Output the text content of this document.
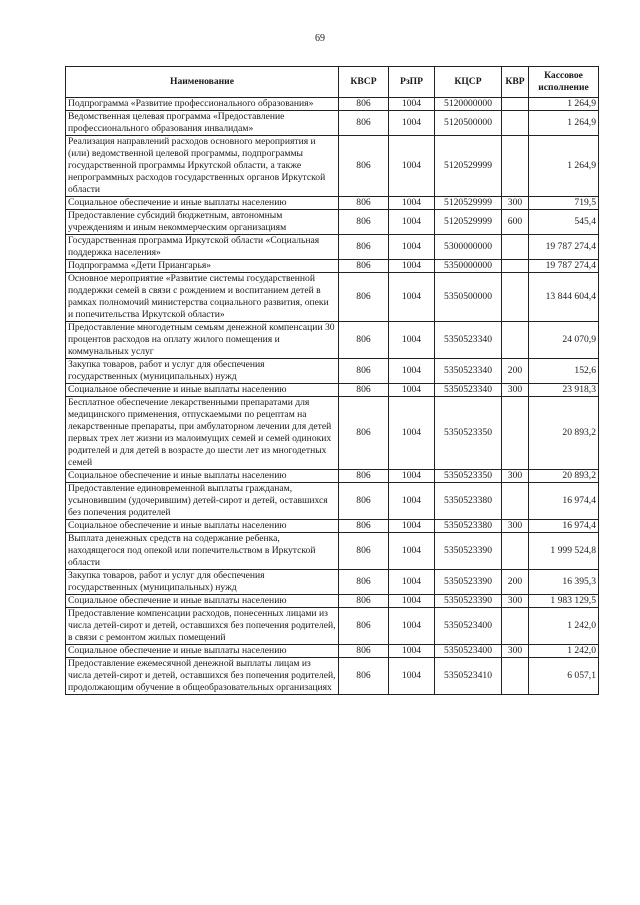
69
Наименование	КВСР	РзПР	КЦСР	КВР	Кассовое исполнение
Подпрограмма «Развитие профессионального образования»	806	1004	5120000000		1 264,9
Ведомственная целевая программа «Предоставление профессионального образования инвалидам»	806	1004	5120500000		1 264,9
Реализация направлений расходов основного мероприятия и (или) ведомственной целевой программы, подпрограммы государственной программы Иркутской области, а также непрограммных расходов государственных органов Иркутской области	806	1004	5120529999		1 264,9
Социальное обеспечение и иные выплаты населению	806	1004	5120529999	300	719,5
Предоставление субсидий бюджетным, автономным учреждениям и иным некоммерческим организациям	806	1004	5120529999	600	545,4
Государственная программа Иркутской области «Социальная поддержка населения»	806	1004	5300000000		19 787 274,4
Подпрограмма «Дети Приангарья»	806	1004	5350000000		19 787 274,4
Основное мероприятие «Развитие системы государственной поддержки семей в связи с рождением и воспитанием детей в рамках полномочий министерства социального развития, опеки и попечительства Иркутской области»	806	1004	5350500000		13 844 604,4
Предоставление многодетным семьям денежной компенсации 30 процентов расходов на оплату жилого помещения и коммунальных услуг	806	1004	5350523340		24 070,9
Закупка товаров, работ и услуг для обеспечения государственных (муниципальных) нужд	806	1004	5350523340	200	152,6
Социальное обеспечение и иные выплаты населению	806	1004	5350523340	300	23 918,3
Бесплатное обеспечение лекарственными препаратами для медицинского применения, отпускаемыми по рецептам на лекарственные препараты, при амбулаторном лечении для детей первых трех лет жизни из малоимущих семей и семей одиноких родителей и для детей в возрасте до шести лет из многодетных семей	806	1004	5350523350		20 893,2
Социальное обеспечение и иные выплаты населению	806	1004	5350523350	300	20 893,2
Предоставление единовременной выплаты гражданам, усыновившим (удочерившим) детей-сирот и детей, оставшихся без попечения родителей	806	1004	5350523380		16 974,4
Социальное обеспечение и иные выплаты населению	806	1004	5350523380	300	16 974,4
Выплата денежных средств на содержание ребенка, находящегося под опекой или попечительством в Иркутской области	806	1004	5350523390		1 999 524,8
Закупка товаров, работ и услуг для обеспечения государственных (муниципальных) нужд	806	1004	5350523390	200	16 395,3
Социальное обеспечение и иные выплаты населению	806	1004	5350523390	300	1 983 129,5
Предоставление компенсации расходов, понесенных лицами из числа детей-сирот и детей, оставшихся без попечения родителей, в связи с ремонтом жилых помещений	806	1004	5350523400		1 242,0
Социальное обеспечение и иные выплаты населению	806	1004	5350523400	300	1 242,0
Предоставление ежемесячной денежной выплаты лицам из числа детей-сирот и детей, оставшихся без попечения родителей, продолжающим обучение в общеобразовательных организациях	806	1004	5350523410		6 057,1
